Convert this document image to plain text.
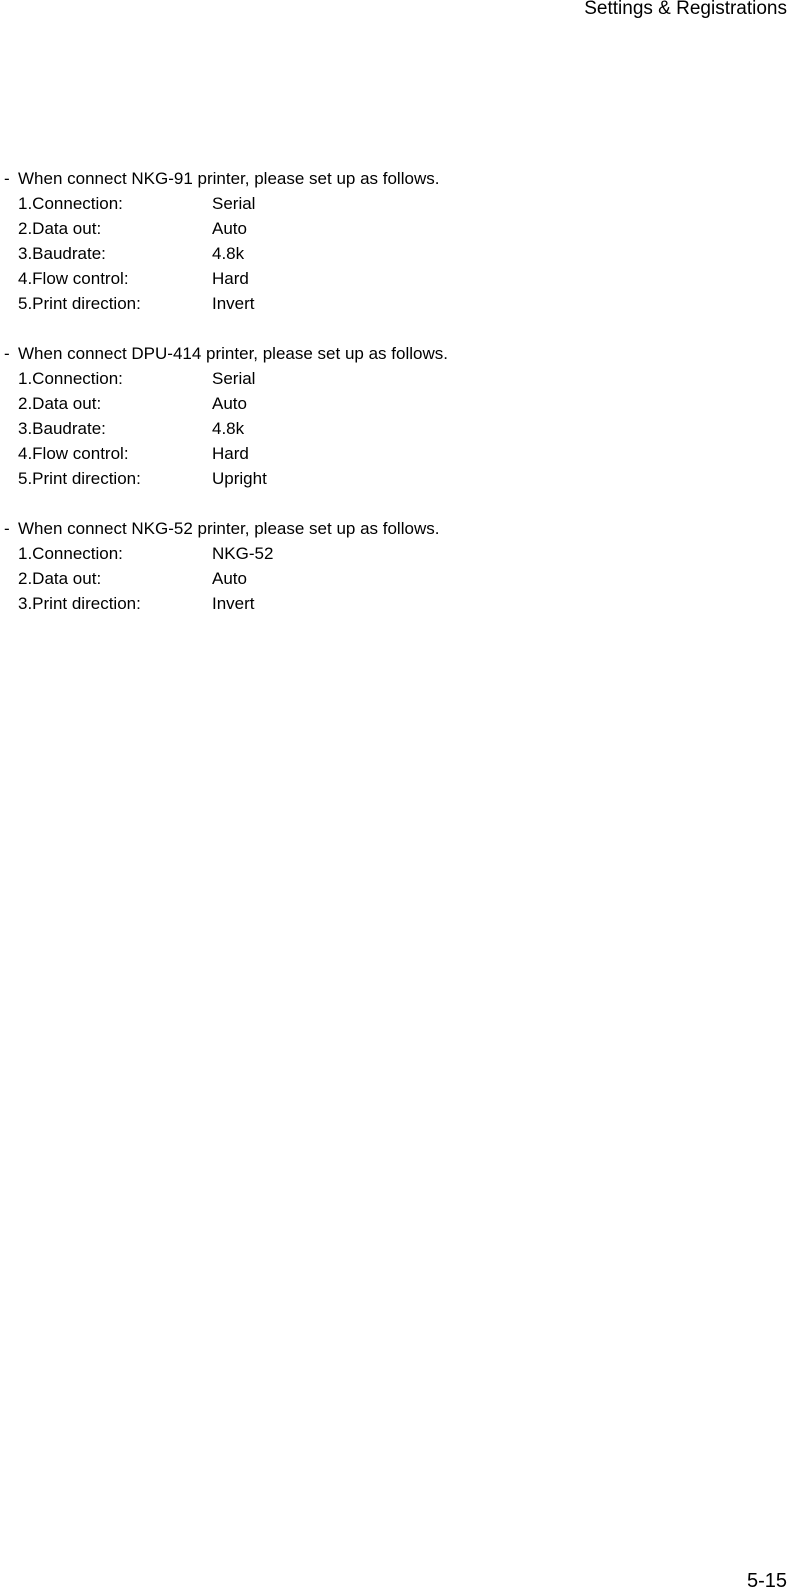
Settings & Registrations
- When connect NKG-91 printer, please set up as follows.
1.Connection:	Serial
2.Data out:	Auto
3.Baudrate:	4.8k
4.Flow control:	Hard
5.Print direction:	Invert
- When connect DPU-414 printer, please set up as follows.
1.Connection:	Serial
2.Data out:	Auto
3.Baudrate:	4.8k
4.Flow control:	Hard
5.Print direction:	Upright
- When connect NKG-52 printer, please set up as follows.
1.Connection:	NKG-52
2.Data out:	Auto
3.Print direction:	Invert
5-15
